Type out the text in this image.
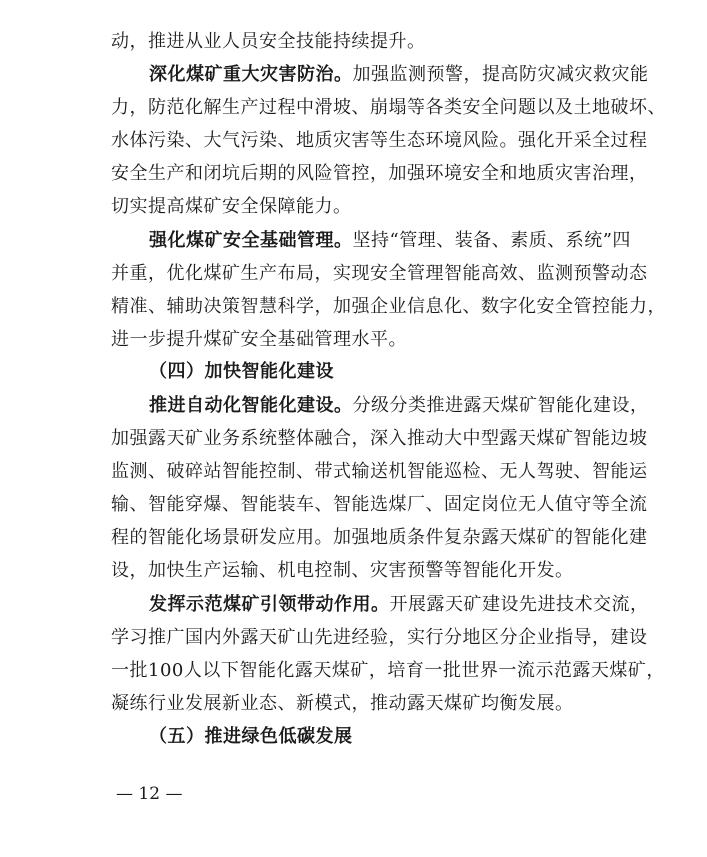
动，推进从业人员安全技能持续提升。
深化煤矿重大灾害防治。加强监测预警，提高防灾减灾救灾能
力，防范化解生产过程中滑坡、崩塌等各类安全问题以及土地破坏、
水体污染、大气污染、地质灾害等生态环境风险。强化开采全过程
安全生产和闭坑后期的风险管控，加强环境安全和地质灾害治理，
切实提高煤矿安全保障能力。
强化煤矿安全基础管理。坚持“管理、装备、素质、系统”四
并重，优化煤矿生产布局，实现安全管理智能高效、监测预警动态
精准、辅助决策智慧科学，加强企业信息化、数字化安全管控能力，
进一步提升煤矿安全基础管理水平。
（四）加快智能化建设
推进自动化智能化建设。分级分类推进露天煤矿智能化建设，
加强露天矿业务系统整体融合，深入推动大中型露天煤矿智能边坡
监测、破碎站智能控制、带式输送机智能巡检、无人驾驶、智能运
输、智能穿爆、智能装车、智能选煤厂、固定岗位无人值守等全流
程的智能化场景研发应用。加强地质条件复杂露天煤矿的智能化建
设，加快生产运输、机电控制、灾害预警等智能化开发。
发挥示范煤矿引领带动作用。开展露天矿建设先进技术交流，
学习推广国内外露天矿山先进经验，实行分地区分企业指导，建设
一批100人以下智能化露天煤矿，培育一批世界一流示范露天煤矿，
凝练行业发展新业态、新模式，推动露天煤矿均衡发展。
（五）推进绿色低碳发展
— 12 —
